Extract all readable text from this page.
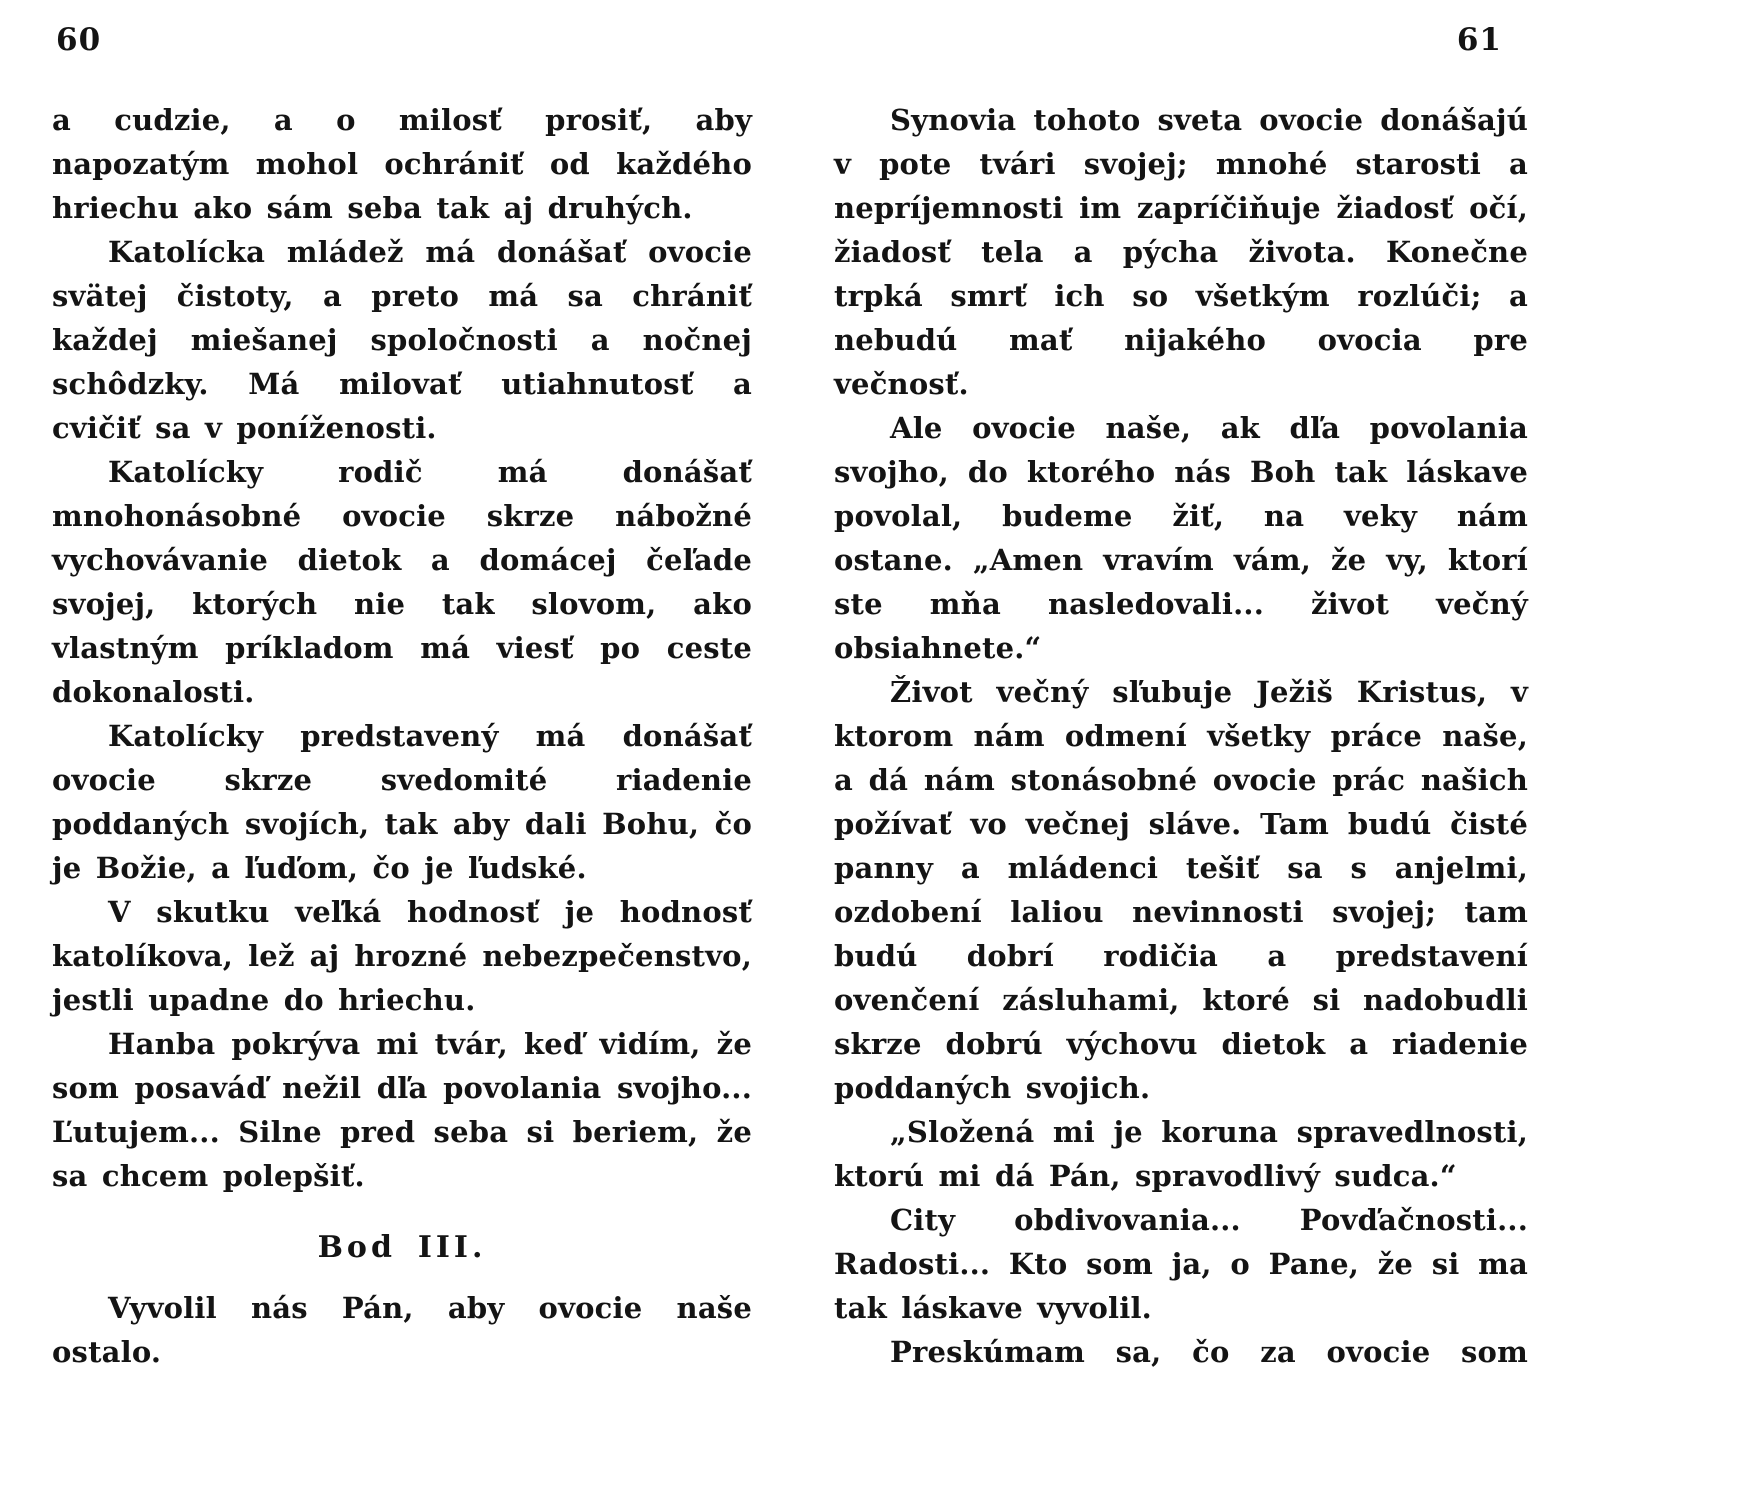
60

a cudzie, a o milosť prosiť, aby napozatým mohol ochrániť od každého hriechu ako sám seba tak aj druhých.

Katolícka mládež má donášať ovocie svätej čistoty, a preto má sa chrániť každej miešanej spoločnosti a nočnej schôdzky. Má milovať utiahnutosť a cvičiť sa v poníženosti.

Katolícky rodič má donášať mnohonásobné ovocie skrze nábožné vychovávanie dietok a domácej čeľade svojej, ktorých nie tak slovom, ako vlastným príkladom má viesť po ceste dokonalosti.

Katolícky predstavený má donášať ovocie skrze svedomité riadenie poddaných svojích, tak aby dali Bohu, čo je Božie, a ľuďom, čo je ľudské.

V skutku veľká hodnosť je hodnosť katolíkova, lež aj hrozné nebezpečenstvo, jestli upadne do hriechu.

Hanba pokrýva mi tvár, keď vidím, že som posaváď nežil dľa povolania svojho... Ľutujem... Silne pred seba si beriem, že sa chcem polepšiť.

Bod III.

Vyvolil nás Pán, aby ovocie naše ostalo.

61

Synovia tohoto sveta ovocie donášajú v pote tvári svojej; mnohé starosti a nepríjemnosti im zapríčiňuje žiadosť očí, žiadosť tela a pýcha života. Konečne trpká smrť ich so všetkým rozlúči; a nebudú mať nijakého ovocia pre večnosť.

Ale ovocie naše, ak dľa povolania svojho, do ktorého nás Boh tak láskave povolal, budeme žiť, na veky nám ostane. „Amen vravím vám, že vy, ktorí ste mňa nasledovali... život večný obsiahnete.“

Život večný sľubuje Ježiš Kristus, v ktorom nám odmení všetky práce naše, a dá nám stonásobné ovocie prác našich požívať vo večnej sláve. Tam budú čisté panny a mládenci tešiť sa s anjelmi, ozdobení laliou nevinnosti svojej; tam budú dobrí rodičia a predstavení ovenčení zásluhami, ktoré si nadobudli skrze dobrú výchovu dietok a riadenie poddaných svojich.

„Složená mi je koruna spravedlnosti, ktorú mi dá Pán, spravodlivý sudca.“

City obdivovania... Povďačnosti... Radosti... Kto som ja, o Pane, že si ma tak láskave vyvolil.

Preskúmam sa, čo za ovocie som
